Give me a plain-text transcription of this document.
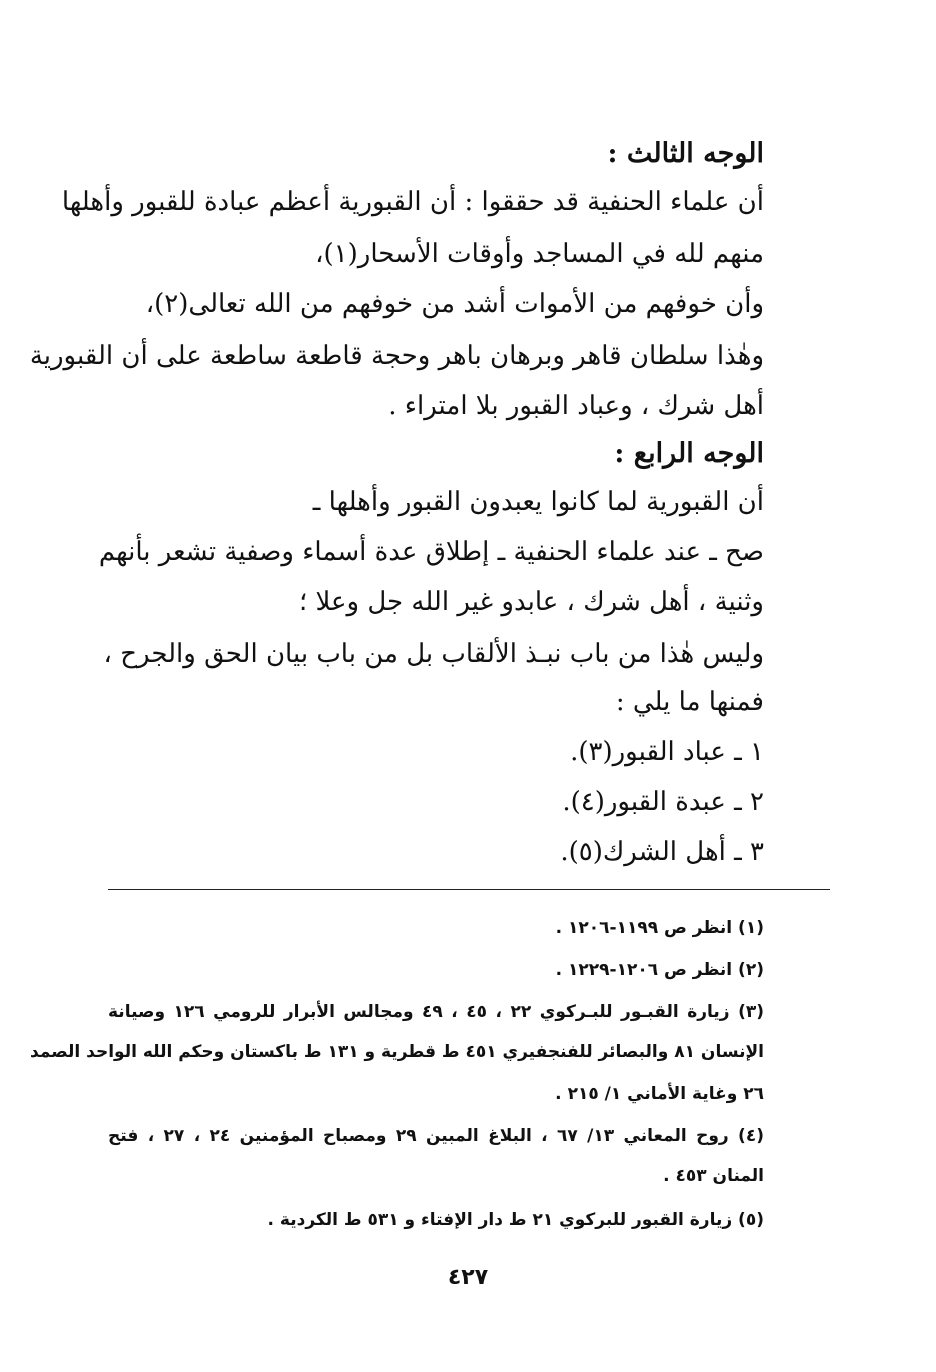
الوجه الثالث :
أن علماء الحنفية قد حققوا : أن القبورية أعظم عبادة للقبور وأهلها
منهم لله في المساجد وأوقات الأسحار(١)،
وأن خوفهم من الأموات أشد من خوفهم من الله تعالى(٢)،
وهٰذا سلطان قاهر وبرهان باهر وحجة قاطعة ساطعة على أن القبورية
أهل شرك ، وعباد القبور بلا امتراء .
الوجه الرابع :
أن القبورية لما كانوا يعبدون القبور وأهلها ـ
صح ـ عند علماء الحنفية ـ إطلاق عدة أسماء وصفية تشعر بأنهم
وثنية ، أهل شرك ، عابدو غير الله جل وعلا ؛
وليس هٰذا من باب نبـذ الألقاب بل من باب بيان الحق والجرح ،
فمنها ما يلي :
١ ـ عباد القبور(٣).
٢ ـ عبدة القبور(٤).
٣ ـ أهل الشرك(٥).
(١) انظر ص ١١٩٩-١٢٠٦ .
(٢) انظر ص ١٢٠٦-١٢٢٩ .
(٣) زيارة القبـور للبـركوي ٢٢ ، ٤٥ ، ٤٩ ومجالس الأبرار للرومي ١٢٦ وصيانة
الإنسان ٨١ والبصائر للفنجفيري ٤٥١ ط قطرية و ١٣١ ط باكستان وحكم الله الواحد الصمد
٢٦ وغاية الأماني ١/ ٢١٥ .
(٤) روح المعاني ١٣/ ٦٧ ، البلاغ المبين ٢٩ ومصباح المؤمنين ٢٤ ، ٢٧ ، فتح
المنان ٤٥٣ .
(٥) زيارة القبور للبركوي ٢١ ط دار الإفتاء و ٥٣١ ط الكردية .
٤٢٧
